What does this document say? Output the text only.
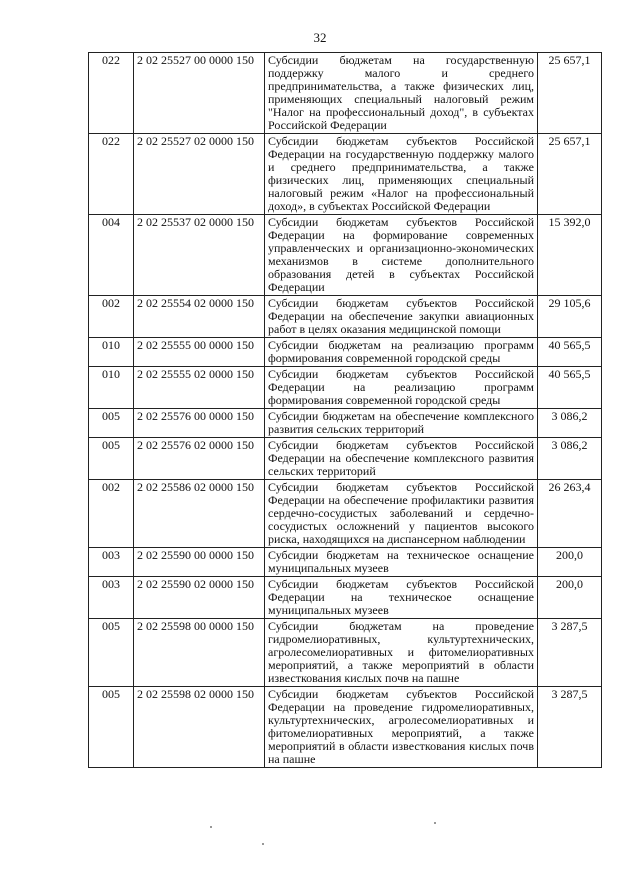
32
022	2 02 25527 00 0000 150	Субсидии бюджетам на государственную поддержку малого и среднего предпринимательства, а также физических лиц, применяющих специальный налоговый режим "Налог на профессиональный доход", в субъектах Российской Федерации	25 657,1
022	2 02 25527 02 0000 150	Субсидии бюджетам субъектов Российской Федерации на государственную поддержку малого и среднего предпринимательства, а также физических лиц, применяющих специальный налоговый режим «Налог на профессиональный доход», в субъектах Российской Федерации	25 657,1
004	2 02 25537 02 0000 150	Субсидии бюджетам субъектов Российской Федерации на формирование современных управленческих и организационно-экономических механизмов в системе дополнительного образования детей в субъектах Российской Федерации	15 392,0
002	2 02 25554 02 0000 150	Субсидии бюджетам субъектов Российской Федерации на обеспечение закупки авиационных работ в целях оказания медицинской помощи	29 105,6
010	2 02 25555 00 0000 150	Субсидии бюджетам на реализацию программ формирования современной городской среды	40 565,5
010	2 02 25555 02 0000 150	Субсидии бюджетам субъектов Российской Федерации на реализацию программ формирования современной городской среды	40 565,5
005	2 02 25576 00 0000 150	Субсидии бюджетам на обеспечение комплексного развития сельских территорий	3 086,2
005	2 02 25576 02 0000 150	Субсидии бюджетам субъектов Российской Федерации на обеспечение комплексного развития сельских территорий	3 086,2
002	2 02 25586 02 0000 150	Субсидии бюджетам субъектов Российской Федерации на обеспечение профилактики развития сердечно-сосудистых заболеваний и сердечно-сосудистых осложнений у пациентов высокого риска, находящихся на диспансерном наблюдении	26 263,4
003	2 02 25590 00 0000 150	Субсидии бюджетам на техническое оснащение муниципальных музеев	200,0
003	2 02 25590 02 0000 150	Субсидии бюджетам субъектов Российской Федерации на техническое оснащение муниципальных музеев	200,0
005	2 02 25598 00 0000 150	Субсидии бюджетам на проведение гидромелиоративных, культуртехнических, агролесомелиоративных и фитомелиоративных мероприятий, а также мероприятий в области известкования кислых почв на пашне	3 287,5
005	2 02 25598 02 0000 150	Субсидии бюджетам субъектов Российской Федерации на проведение гидромелиоративных, культуртехнических, агролесомелиоративных и фитомелиоративных мероприятий, а также мероприятий в области известкования кислых почв на пашне	3 287,5
